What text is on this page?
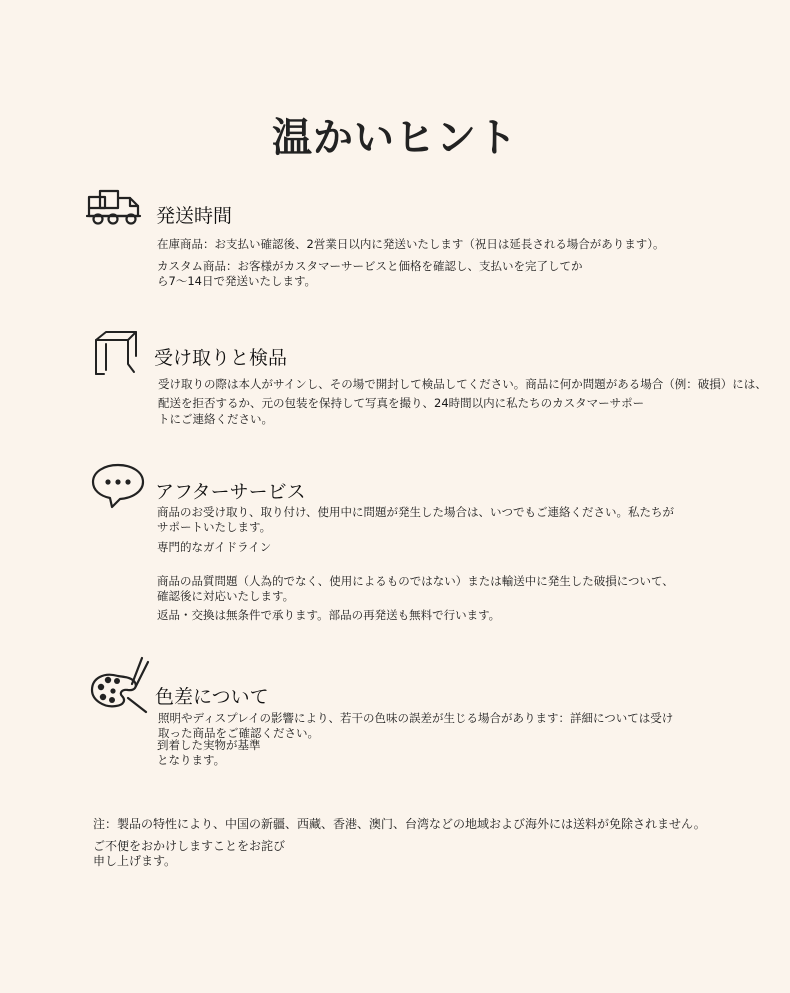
温かいヒント
発送時間
在庫商品：お支払い確認後、2営業日以内に発送いたします（祝日は延長される場合があります）。
カスタム商品：お客様がカスタマーサービスと価格を確認し、支払いを完了してか
ら7〜14日で発送いたします。
受け取りと検品
受け取りの際は本人がサインし、その場で開封して検品してください。商品に何か問題がある場合（例：破損）には、
配送を拒否するか、元の包装を保持して写真を撮り、24時間以内に私たちのカスタマーサポー
トにご連絡ください。
アフターサービス
商品のお受け取り、取り付け、使用中に問題が発生した場合は、いつでもご連絡ください。私たちが
サポートいたします。
専門的なガイドライン
商品の品質問題（人為的でなく、使用によるものではない）または輸送中に発生した破損について、
確認後に対応いたします。
返品・交換は無条件で承ります。部品の再発送も無料で行います。
色差について
照明やディスプレイの影響により、若干の色味の誤差が生じる場合があります：詳細については受け
取った商品をご確認ください。
到着した実物が基準
となります。
注：製品の特性により、中国の新疆、西藏、香港、澳门、台湾などの地域および海外には送料が免除されません。
ご不便をおかけしますことをお詫び
申し上げます。
